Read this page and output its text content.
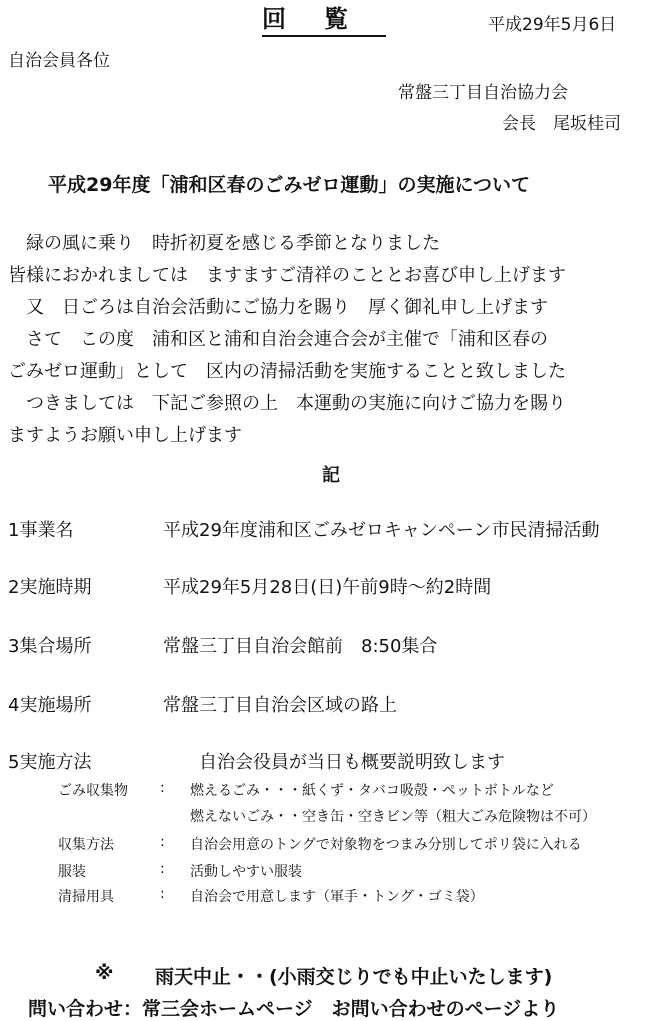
回覧	平成29年5月6日
自治会員各位
常盤三丁目自治協力会
会長　尾坂桂司
平成29年度「浦和区春のごみゼロ運動」の実施について
　緑の風に乗り　時折初夏を感じる季節となりました
皆様におかれましては　ますますご清祥のこととお喜び申し上げます
　又　日ごろは自治会活動にご協力を賜り　厚く御礼申し上げます
　さて　この度　浦和区と浦和自治会連合会が主催で「浦和区春の
ごみゼロ運動」として　区内の清掃活動を実施することと致しました
　つきましては　下記ご参照の上　本運動の実施に向けご協力を賜り
ますようお願い申し上げます
記
1事業名	平成29年度浦和区ごみゼロキャンペーン市民清掃活動
2実施時期	平成29年5月28日(日)午前9時～約2時間
3集合場所	常盤三丁目自治会館前　8:50集合
4実施場所	常盤三丁目自治会区域の路上
5実施方法	　　自治会役員が当日も概要説明致します
ごみ収集物 : 燃えるごみ・・・紙くず・タバコ吸殻・ペットボトルなど
燃えないごみ・・空き缶・空きビン等（粗大ごみ危険物は不可）
収集方法	: 自治会用意のトングで対象物をつまみ分別してポリ袋に入れる
服装	: 活動しやすい服装
清掃用具	: 自治会で用意します（軍手・トング・ゴミ袋）
※ 雨天中止・・(小雨交じりでも中止いたします)
問い合わせ：常三会ホームページ　お問い合わせのページより
